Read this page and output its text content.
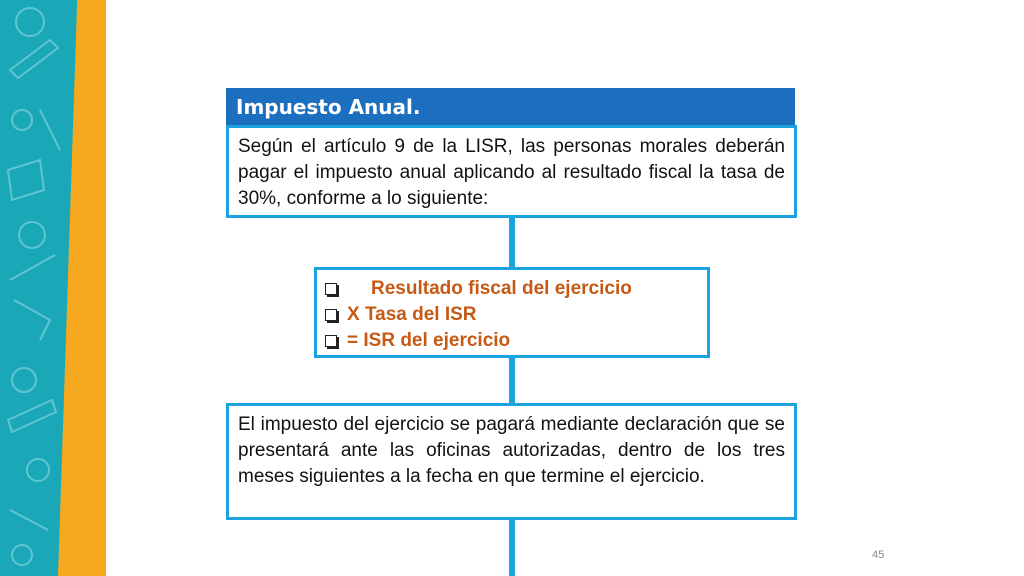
Impuesto Anual.

Según el artículo 9 de la LISR, las personas morales deberán pagar el impuesto anual aplicando al resultado fiscal la tasa de 30%, conforme a lo siguiente:

Resultado fiscal del ejercicio
X Tasa del ISR
= ISR del ejercicio

El impuesto del ejercicio se pagará mediante declaración que se presentará ante las oficinas autorizadas, dentro de los tres meses siguientes a la fecha en que termine el ejercicio.

45
